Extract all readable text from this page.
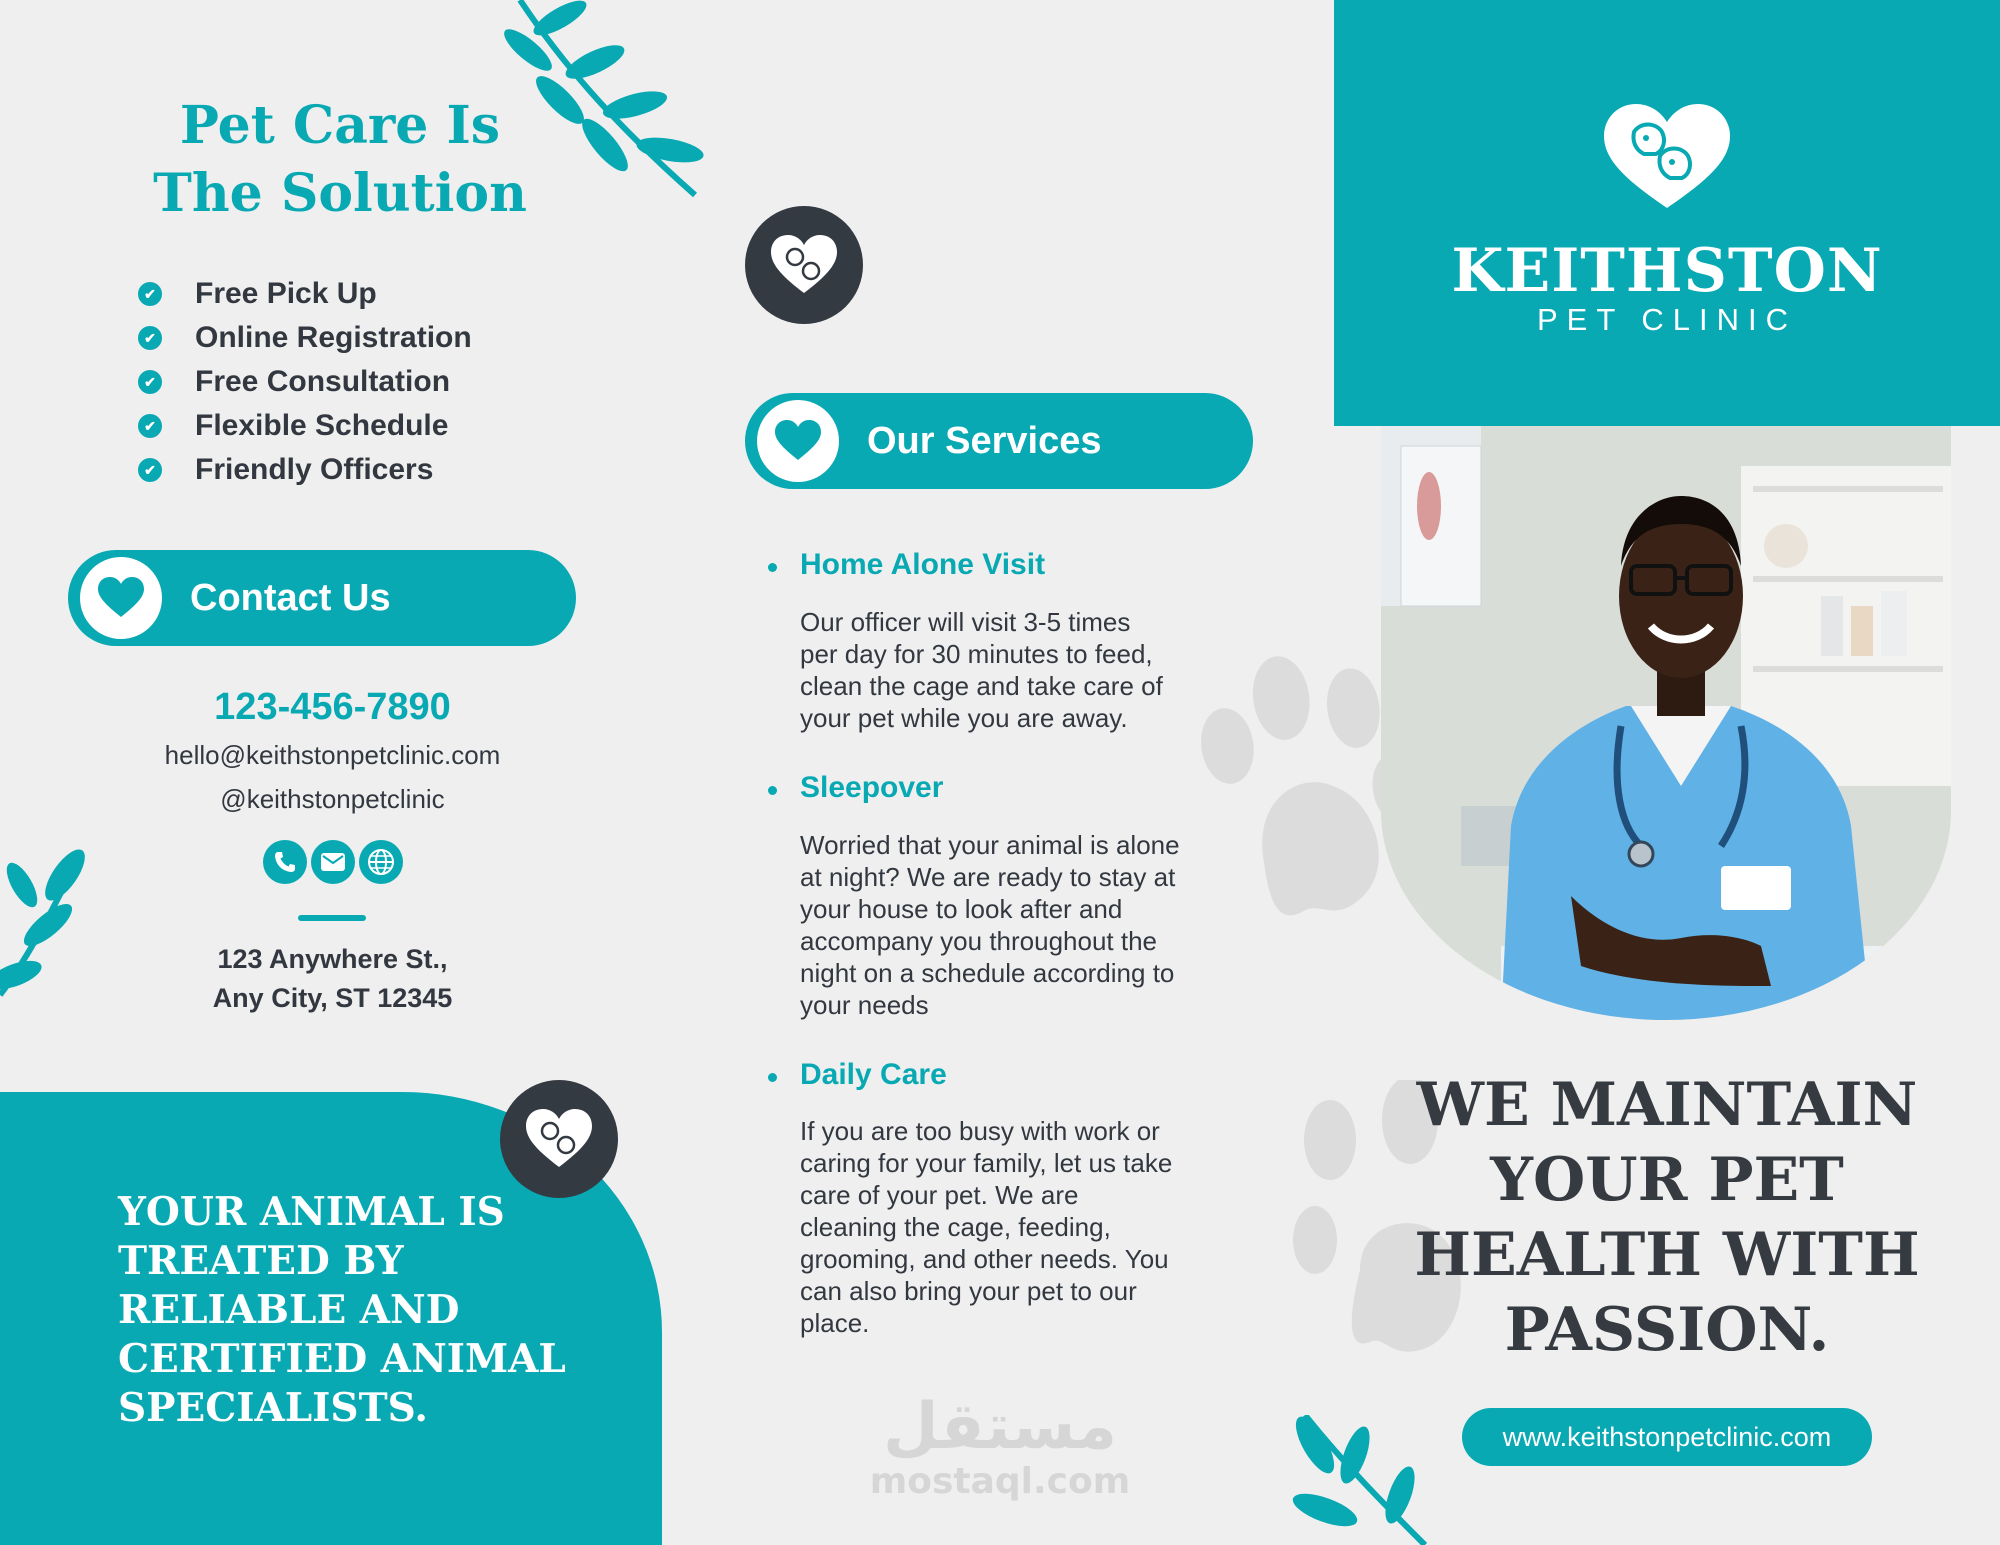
Pet Care Is
The Solution
✔ Free Pick Up
✔ Online Registration
✔ Free Consultation
✔ Flexible Schedule
✔ Friendly Officers
Contact Us
123-456-7890
hello@keithstonpetclinic.com
@keithstonpetclinic
123 Anywhere St.,
Any City, ST 12345
YOUR ANIMAL IS
TREATED BY
RELIABLE AND
CERTIFIED ANIMAL
SPECIALISTS.
Our Services
Home Alone Visit
Our officer will visit 3-5 times
per day for 30 minutes to feed,
clean the cage and take care of
your pet while you are away.
Sleepover
Worried that your animal is alone
at night? We are ready to stay at
your house to look after and
accompany you throughout the
night on a schedule according to
your needs
Daily Care
If you are too busy with work or
caring for your family, let us take
care of your pet. We are
cleaning the cage, feeding,
grooming, and other needs. You
can also bring your pet to our
place.
مستقل
mostaql.com
KEITHSTON
PET CLINIC
WE MAINTAIN
YOUR PET
HEALTH WITH
PASSION.
www.keithstonpetclinic.com
